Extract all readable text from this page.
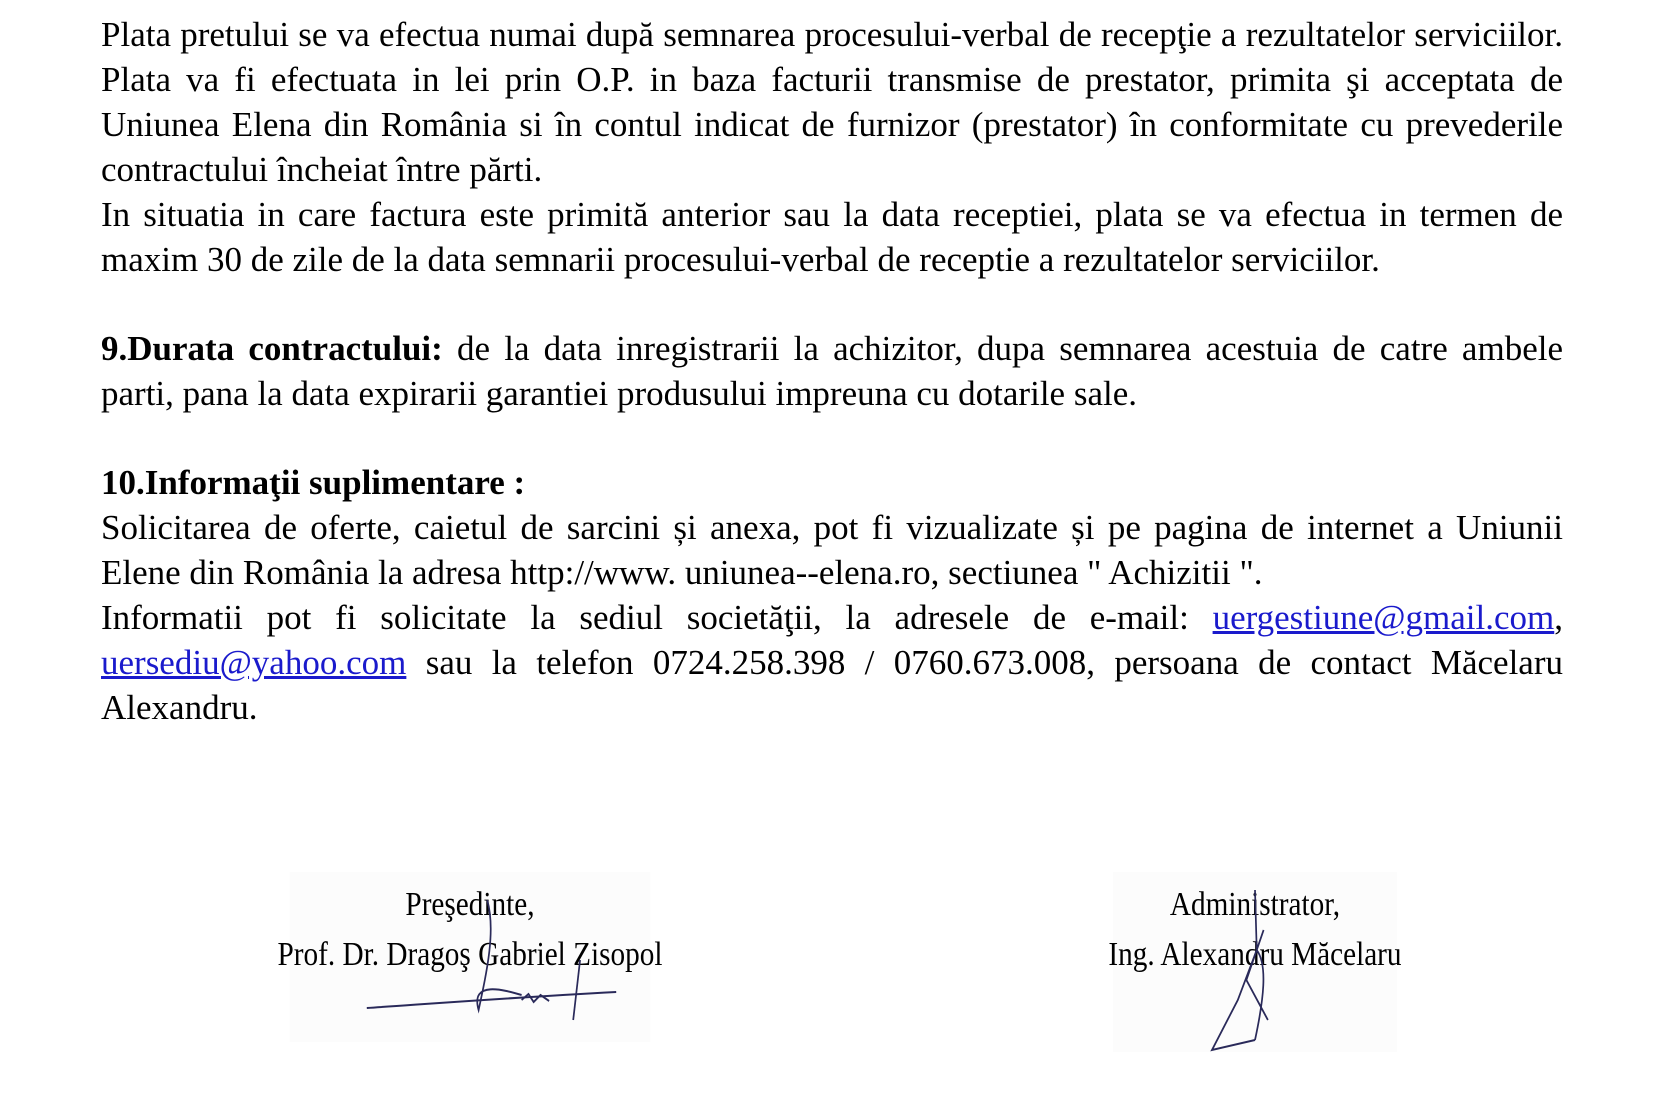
Plata pretului se va efectua numai după semnarea procesului-verbal de recepţie a rezultatelor serviciilor. Plata va fi efectuata in lei prin O.P. in baza facturii transmise de prestator, primita şi acceptata de Uniunea Elena din România si în contul indicat de furnizor (prestator) în conformitate cu prevederile contractului încheiat între părti.

In situatia in care factura este primită anterior sau la data receptiei, plata se va efectua in termen de maxim 30 de zile de la data semnarii procesului-verbal de receptie a rezultatelor serviciilor.

9.Durata contractului: de la data inregistrarii la achizitor, dupa semnarea acestuia de catre ambele parti, pana la data expirarii garantiei produsului impreuna cu dotarile sale.

10.Informaţii suplimentare :

Solicitarea de oferte, caietul de sarcini și anexa, pot fi vizualizate și pe pagina de internet a Uniunii Elene din România la adresa http://www. uniunea--elena.ro, sectiunea " Achizitii ".

Informatii pot fi solicitate la sediul societăţii, la adresele de e-mail: uergestiune@gmail.com, uersediu@yahoo.com sau la telefon 0724.258.398 / 0760.673.008, persoana de contact Măcelaru Alexandru.

Preşedinte,
Prof. Dr. Dragoş Gabriel Zisopol
Administrator,
Ing. Alexandru Măcelaru
